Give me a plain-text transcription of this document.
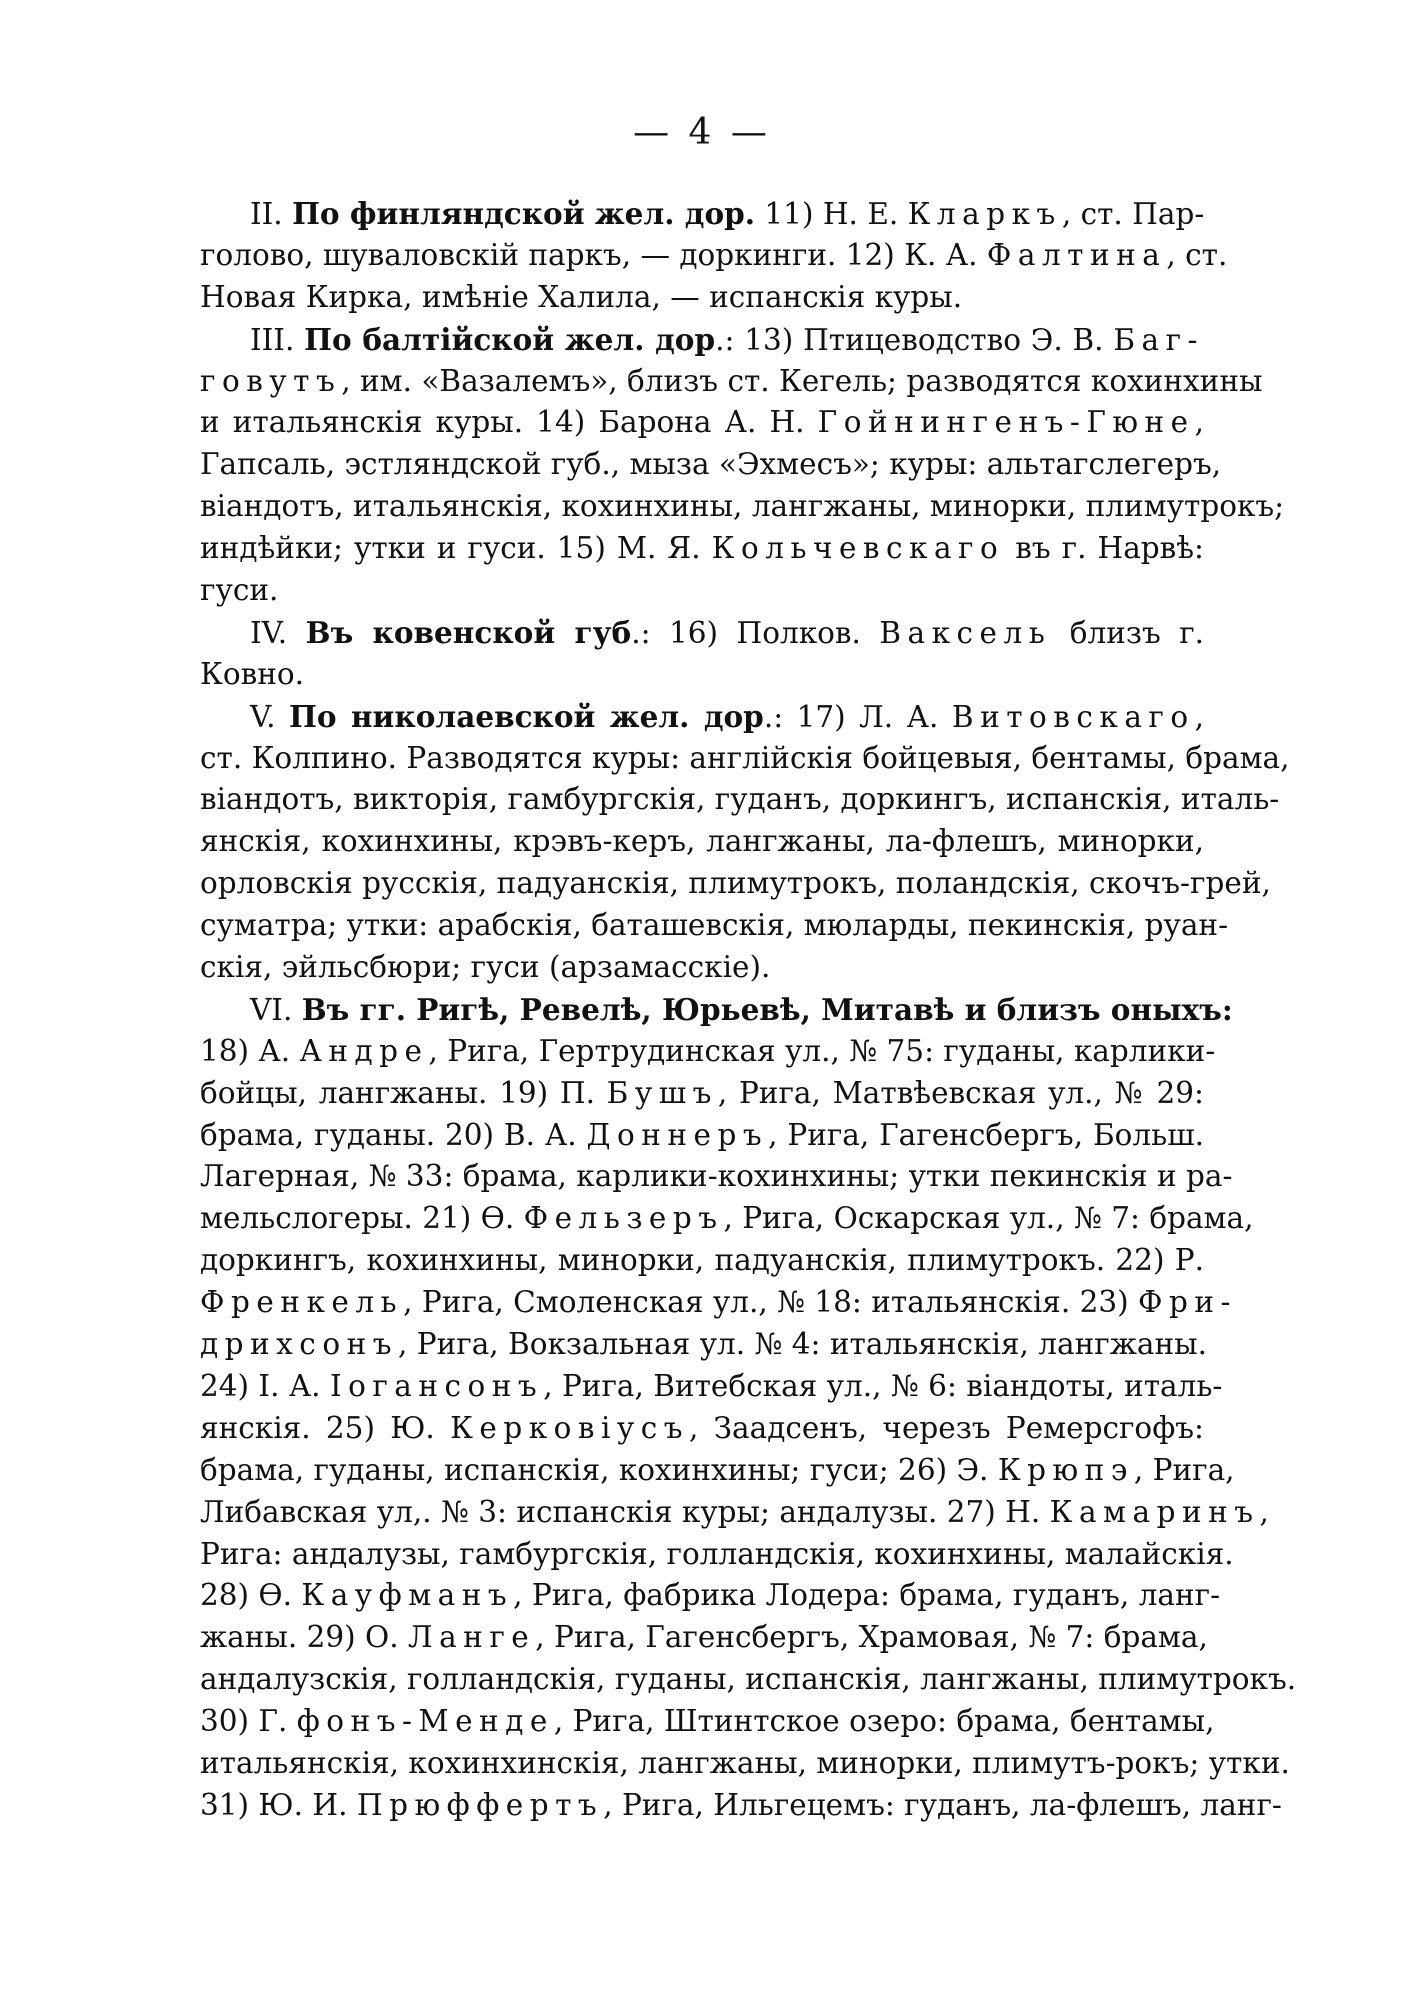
— 4 —
II. По финляндской жел. дор. 11) Н. Е. Кларкъ, ст. Пар-
голово, шуваловскій паркъ, — доркинги. 12) К. А. Фалтина, ст.
Новая Кирка, имѣніе Халила, — испанскія куры.
III. По балтійской жел. дор.: 13) Птицеводство Э. В. Баг-
говутъ, им. «Вазалемъ», близъ ст. Кегель; разводятся кохинхины
и итальянскія куры. 14) Барона А. Н. Гойнингенъ-Гюне,
Гапсаль, эстляндской губ., мыза «Эхмесъ»; куры: альтагслегеръ,
віандотъ, итальянскія, кохинхины, лангжаны, минорки, плимутрокъ;
индѣйки; утки и гуси. 15) М. Я. Кольчевскаго въ г. Нарвѣ:
гуси.
IV. Въ ковенской губ.: 16) Полков. Ваксель близъ г.
Ковно.
V. По николаевской жел. дор.: 17) Л. А. Витовскаго,
ст. Колпино. Разводятся куры: англійскія бойцевыя, бентамы, брама,
віандотъ, викторія, гамбургскія, гуданъ, доркингъ, испанскія, италь-
янскія, кохинхины, крэвъ-керъ, лангжаны, ла-флешъ, минорки,
орловскія русскія, падуанскія, плимутрокъ, поландскія, скочъ-грей,
суматра; утки: арабскія, баташевскія, мюларды, пекинскія, руан-
скія, эйльсбюри; гуси (арзамасскіе).
VI. Въ гг. Ригѣ, Ревелѣ, Юрьевѣ, Митавѣ и близъ оныхъ:
18) А. Андре, Рига, Гертрудинская ул., № 75: гуданы, карлики-
бойцы, лангжаны. 19) П. Бушъ, Рига, Матвѣевская ул., № 29:
брама, гуданы. 20) В. А. Доннеръ, Рига, Гагенсбергъ, Больш.
Лагерная, № 33: брама, карлики-кохинхины; утки пекинскія и ра-
мельслогеры. 21) Ѳ. Фельзеръ, Рига, Оскарская ул., № 7: брама,
доркингъ, кохинхины, минорки, падуанскія, плимутрокъ. 22) Р.
Френкель, Рига, Смоленская ул., № 18: итальянскія. 23) Фри-
дрихсонъ, Рига, Вокзальная ул. № 4: итальянскія, лангжаны.
24) I. А. Іогансонъ, Рига, Витебская ул., № 6: віандоты, италь-
янскія. 25) Ю. Керковіусъ, Заадсенъ, черезъ Ремерсгофъ:
брама, гуданы, испанскія, кохинхины; гуси; 26) Э. Крюпэ, Рига,
Либавская ул,. № 3: испанскія куры; андалузы. 27) Н. Камаринъ,
Рига: андалузы, гамбургскія, голландскія, кохинхины, малайскія.
28) Ѳ. Кауфманъ, Рига, фабрика Лодера: брама, гуданъ, ланг-
жаны. 29) О. Ланге, Рига, Гагенсбергъ, Храмовая, № 7: брама,
андалузскія, голландскія, гуданы, испанскія, лангжаны, плимутрокъ.
30) Г. фонъ-Менде, Рига, Штинтское озеро: брама, бентамы,
итальянскія, кохинхинскія, лангжаны, минорки, плимутъ-рокъ; утки.
31) Ю. И. Прюффертъ, Рига, Ильгецемъ: гуданъ, ла-флешъ, ланг-
